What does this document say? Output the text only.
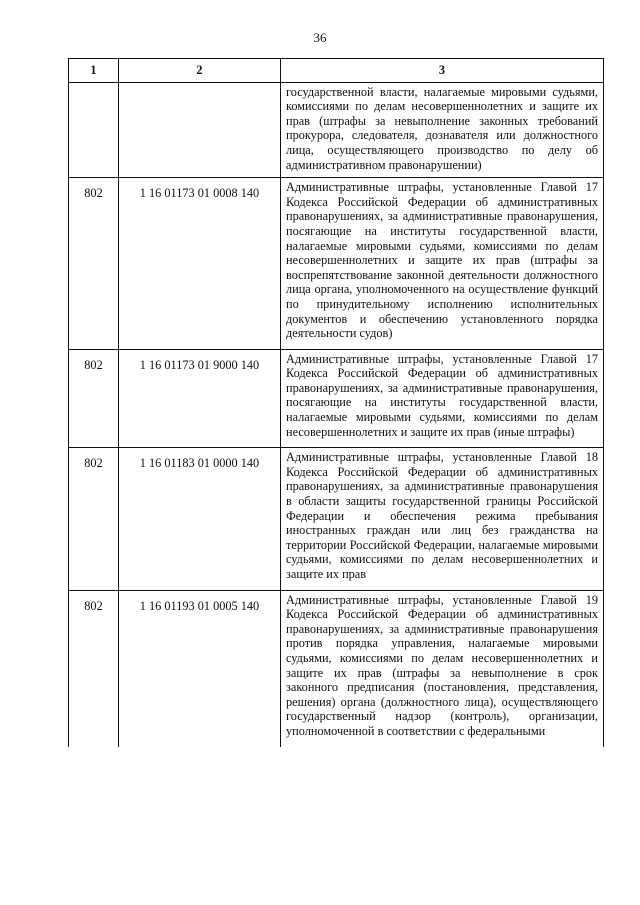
36
1	2	3
		государственной власти, налагаемые мировыми судьями, комиссиями по делам несовершеннолетних и защите их прав (штрафы за невыполнение законных требований прокурора, следователя, дознавателя или должностного лица, осуществляющего производство по делу об административном правонарушении)
802	1 16 01173 01 0008 140	Административные штрафы, установленные Главой 17 Кодекса Российской Федерации об административных правонарушениях, за административные правонарушения, посягающие на институты государственной власти, налагаемые мировыми судьями, комиссиями по делам несовершеннолетних и защите их прав (штрафы за воспрепятствование законной деятельности должностного лица органа, уполномоченного на осуществление функций по принудительному исполнению исполнительных документов и обеспечению установленного порядка деятельности судов)
802	1 16 01173 01 9000 140	Административные штрафы, установленные Главой 17 Кодекса Российской Федерации об административных правонарушениях, за административные правонарушения, посягающие на институты государственной власти, налагаемые мировыми судьями, комиссиями по делам несовершеннолетних и защите их прав (иные штрафы)
802	1 16 01183 01 0000 140	Административные штрафы, установленные Главой 18 Кодекса Российской Федерации об административных правонарушениях, за административные правонарушения в области защиты государственной границы Российской Федерации и обеспечения режима пребывания иностранных граждан или лиц без гражданства на территории Российской Федерации, налагаемые мировыми судьями, комиссиями по делам несовершеннолетних и защите их прав
802	1 16 01193 01 0005 140	Административные штрафы, установленные Главой 19 Кодекса Российской Федерации об административных правонарушениях, за административные правонарушения против порядка управления, налагаемые мировыми судьями, комиссиями по делам несовершеннолетних и защите их прав (штрафы за невыполнение в срок законного предписания (постановления, представления, решения) органа (должностного лица), осуществляющего государственный надзор (контроль), организации, уполномоченной в соответствии с федеральными
